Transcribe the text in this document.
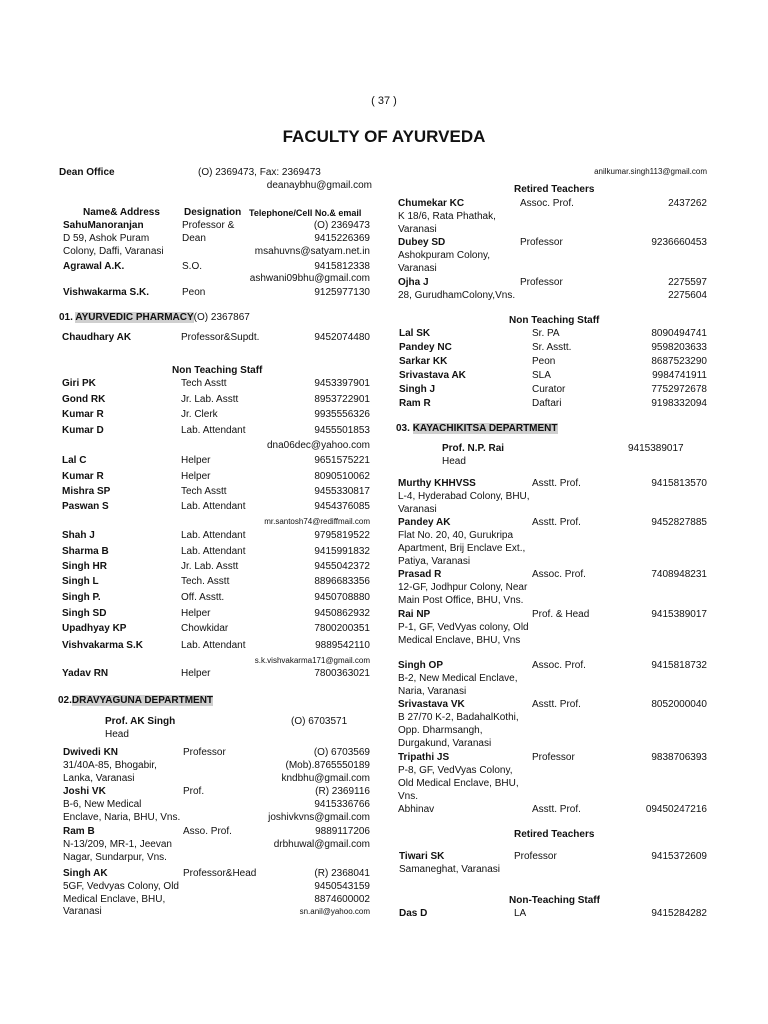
( 37 )
FACULTY OF AYURVEDA
Dean Office	(O) 2369473, Fax: 2369473
deanaybhu@gmail.com
Name& Address Designation Telephone/Cell No.& email
SahuManoranjan	Professor &	(O) 2369473
D 59, Ashok Puram	Dean	9415226369
Colony, Daffi, Varanasi	msahuvns@satyam.net.in
Agrawal A.K.	S.O.	9415812338
ashwani09bhu@gmail.com
Vishwakarma S.K.	Peon	9125977130
01. AYURVEDIC PHARMACY(O) 2367867
Chaudhary AK	Professor&Supdt.	9452074480
Non Teaching Staff
Giri PK	Tech Asstt	9453397901
Gond RK	Jr. Lab. Asstt	8953722901
Kumar R	Jr. Clerk	9935556326
Kumar D	Lab. Attendant	9455501853
dna06dec@yahoo.com
Lal C	Helper	9651575221
Kumar R	Helper	8090510062
Mishra SP	Tech Asstt	9455330817
Paswan S	Lab. Attendant	9454376085
mr.santosh74@rediffmail.com
Shah J	Lab. Attendant	9795819522
Sharma B	Lab. Attendant	9415991832
Singh HR	Jr. Lab. Asstt	9455042372
Singh L	Tech. Asstt	8896683356
Singh P.	Off. Asstt.	9450708880
Singh SD	Helper	9450862932
Upadhyay KP	Chowkidar	7800200351
Vishvakarma S.K	Lab. Attendant	9889542110
s.k.vishvakarma171@gmail.com
Yadav RN	Helper	7800363021
02.DRAVYAGUNA DEPARTMENT
Prof. AK Singh
Head
(O) 6703571
Dwivedi KN	Professor	(O) 6703569
31/40A-85, Bhogabir,	(Mob).8765550189
Lanka, Varanasi	kndbhu@gmail.com
Joshi VK	Prof.	(R) 2369116
B-6, New Medical	9415336766
Enclave, Naria, BHU, Vns.	joshivkvns@gmail.com
Ram B	Asso. Prof.	9889117206
N-13/209, MR-1, Jeevan	drbhuwal@gmail.com
Nagar, Sundarpur, Vns.
Singh AK	Professor&Head	(R) 2368041
5GF, Vedvyas Colony, Old	9450543159
Medical Enclave, BHU,	8874600002
Varanasi	sn.anil@yahoo.com
anilkumar.singh113@gmail.com
Retired Teachers
Chumekar KC	Assoc. Prof.	2437262
K 18/6, Rata Phathak,
Varanasi
Dubey SD	Professor	9236660453
Ashokpuram Colony,
Varanasi
Ojha J	Professor	2275597
28, GurudhamColony,Vns.	2275604
Non Teaching Staff
Lal SK	Sr. PA	8090494741
Pandey NC	Sr. Asstt.	9598203633
Sarkar KK	Peon	8687523290
Srivastava AK	SLA	9984741911
Singh J	Curator	7752972678
Ram R	Daftari	9198332094
03. KAYACHIKITSA DEPARTMENT
Prof. N.P. Rai
Head
9415389017
Murthy KHHVSS	Asstt. Prof.	9415813570
L-4, Hyderabad Colony, BHU,
Varanasi
Pandey AK	Asstt. Prof.	9452827885
Flat No. 20, 40, Gurukripa
Apartment, Brij Enclave Ext.,
Patiya, Varanasi
Prasad R	Assoc. Prof.	7408948231
12-GF, Jodhpur Colony, Near
Main Post Office, BHU, Vns.
Rai NP	Prof. & Head	9415389017
P-1, GF, VedVyas colony, Old
Medical Enclave, BHU, Vns
Singh OP	Assoc. Prof.	9415818732
B-2, New Medical Enclave,
Naria, Varanasi
Srivastava VK	Asstt. Prof.	8052000040
B 27/70 K-2, BadahalKothi,
Opp. Dharmsangh,
Durgakund, Varanasi
Tripathi JS	Professor	9838706393
P-8, GF, VedVyas Colony,
Old Medical Enclave, BHU,
Vns.
Abhinav	Asstt. Prof.	09450247216
Retired Teachers
Tiwari SK	Professor	9415372609
Samaneghat, Varanasi
Non-Teaching Staff
Das D	LA	9415284282
